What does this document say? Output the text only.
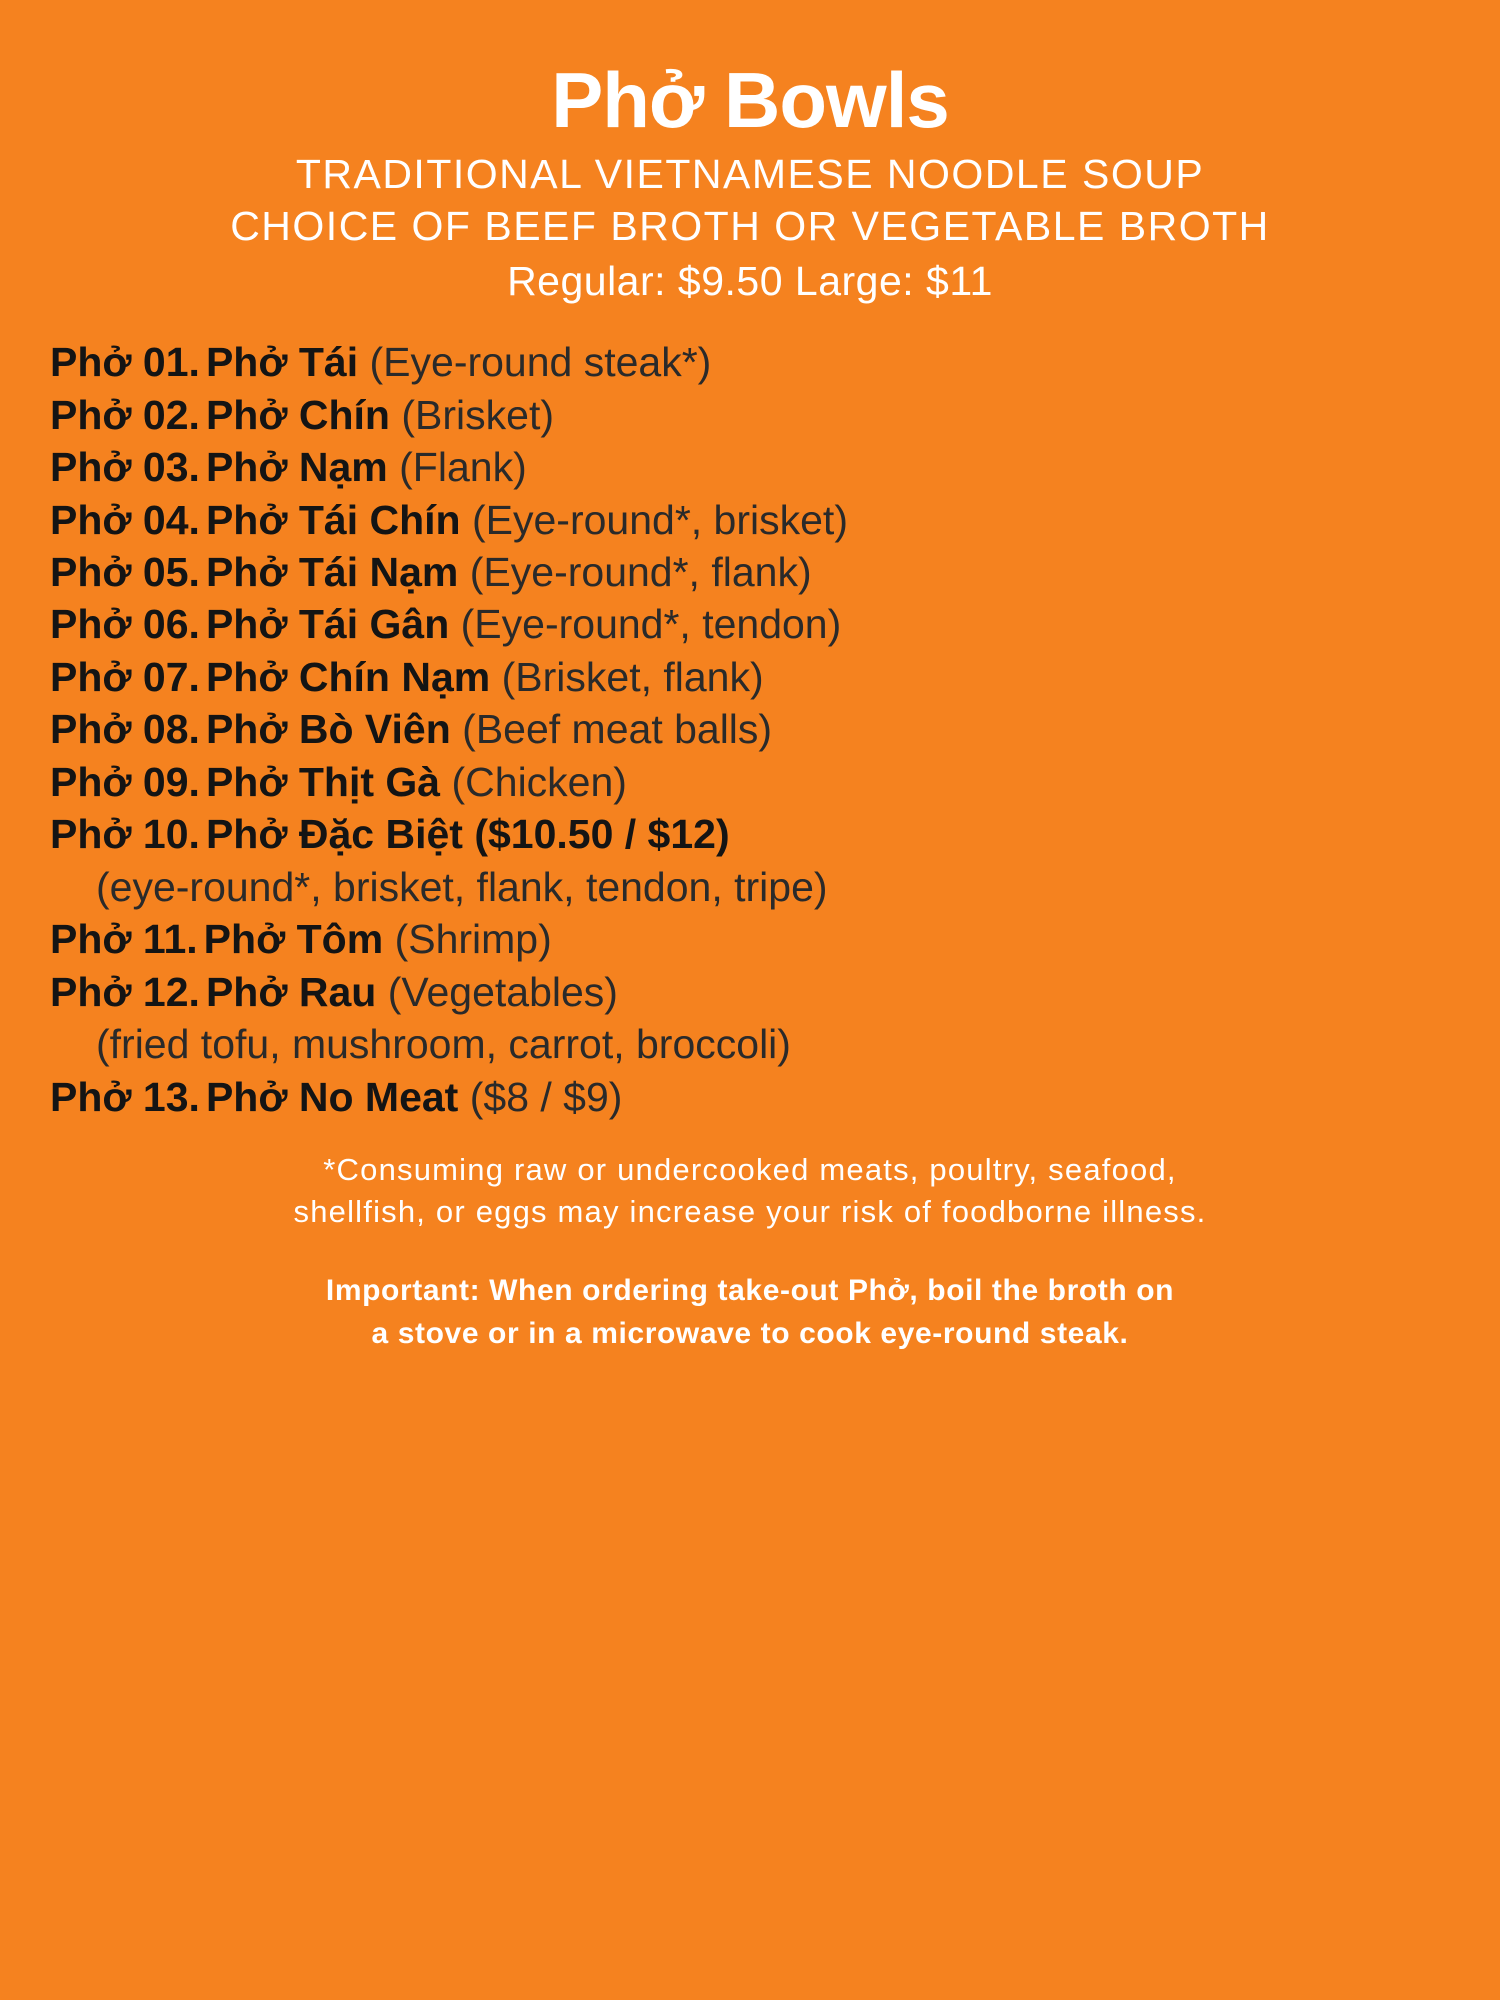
Phở Bowls

TRADITIONAL VIETNAMESE NOODLE SOUP

CHOICE OF BEEF BROTH OR VEGETABLE BROTH

Regular: $9.50 Large: $11

Phở 01. Phở Tái (Eye-round steak*)
Phở 02. Phở Chín (Brisket)
Phở 03. Phở Nạm (Flank)
Phở 04. Phở Tái Chín (Eye-round*, brisket)
Phở 05. Phở Tái Nạm (Eye-round*, flank)
Phở 06. Phở Tái Gân (Eye-round*, tendon)
Phở 07. Phở Chín Nạm (Brisket, flank)
Phở 08. Phở Bò Viên (Beef meat balls)
Phở 09. Phở Thịt Gà (Chicken)
Phở 10. Phở Đặc Biệt ($10.50 / $12)
(eye-round*, brisket, flank, tendon, tripe)
Phở 11. Phở Tôm (Shrimp)
Phở 12. Phở Rau (Vegetables)
(fried tofu, mushroom, carrot, broccoli)
Phở 13. Phở No Meat ($8 / $9)
*Consuming raw or undercooked meats, poultry, seafood,
shellfish, or eggs may increase your risk of foodborne illness.
Important: When ordering take-out Phở, boil the broth on
a stove or in a microwave to cook eye-round steak.
